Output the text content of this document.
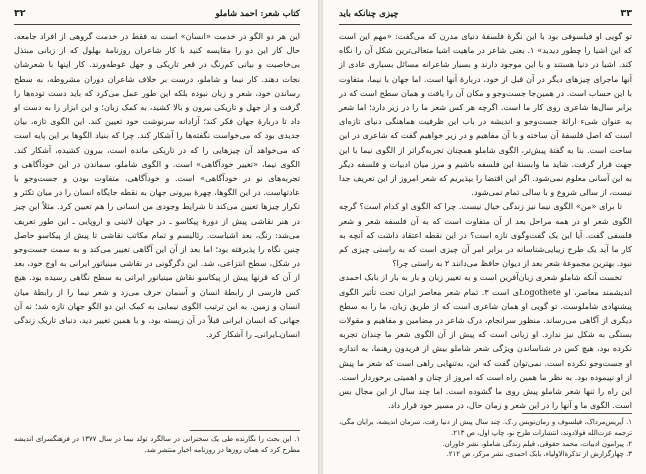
کتاب شعر: احمد شاملو
۳۲

این هر دو الگو در خدمت «انسان» است نه فقط در خدمت گروهی از افراد جامعه. حال کار این دو را مقایسه کنید با کار شاعران روزنامهٔ بهلول که از زبانی مبتذل بی‌خاصیت و بیانی کم‌رنگ در قعر تاریکی و جهل غوطه‌ورند. کار اینها با شعرشان نجات دهند. کار نیما و شاملو، درست بر خلاف شاعران دوران مشروطه، به سطح رساندن خود، شعر و زبان نبوده بلکه این طور عمل می‌کرد که باید دست توده‌ها را گرفت و از جهل و تاریکی بیرون و بالا کشید، به کمک زبان؛ و این ابزار را به دست او داد تا دربارهٔ جهان فکر کند؛ آزادانه سرنوشت خود تعیین کند. این الگوی تازه، بیان جدیدی بود که می‌خواست نگفته‌ها را آشکار کند. چرا که بنیاد الگوها بر این پایه است که می‌خواهد آن چیزهایی را که در تاریکی مانده است، بیرون کشیده، آشکار کند. الگوی نیما، «تغییر خودآگاهی» است. و الگوی شاملو، سماندن در این خودآگاهی و تجربه‌های نو در خودآگاهی» است. و خودآگاهی، متفاوت بودن و جست‌وجو با عادتهاست. در این الگوها، چهرهٔ بیرونی جهان به نقطه جایگاه انسان را در میان تکثر و تکرار چیزها تعیین می‌کند تا شرایط وجودی من انسانی را هم تعیین کرد. مثلاً این چیز در هنر نقاشی پیش از دورهٔ پیکاسو ـ در جهان لاتینی و اروپایی ـ این طور تعریف می‌شد: رنگ، بعد اشیاست. رئالیسم و تمام مکاتب نقاشی تا پیش از پیکاسو حاصل چنین نگاه را پذیرفته بود؛ اما بعد از آن این آگاهی تغییر می‌کند و به سمت جست‌وجو در شکل، سطح انتزاعی، شد. این دگرگونی در نقاشی مینیاتور ایرانی به اوج خود، بعد از آن که قرنها پیش از پیکاسو نقاش مینیاتور ایرانی به سطح نگاهی رسیده بود. هیچ کس فارسی از رابطهٔ انسان و آسمان حرف می‌زد و شعر نیما را از رابطهٔ میان انسان و زمین. به این ترتیب الگوی نیمایی به کمک این دو الگو جهان تازه شد؛ نه آن جهانی که انسان ایرانی قبلاً در آن زیسته بود. و با همین تغییر دید، دنیای تاریک زندگی انسان‌ـایرانی‌ـ را آشکار کرد.

۱. این بحث را نگارنده طی یک سخنرانی در سالگرد تولد نیما در سال ۱۳۷۷ در فرهنگسرای اندیشه مطرح کرد که همان روزها در روزنامه اخبار منتشر شد.

۳۳
چیزی چنانکه باید

تو گویی او فیلسوفی بود با این نگرهٔ فلسفهٔ دنیای مدرن که می‌گفت: «مهم این است که این اشیا را چطور دیدید» ۱. یعنی شاعر در ماهیت اشیا متعالی‌ترین شکل آن را نگاه کند. اشیا در دنیا هستند و با این موجود دارند و بسیار شاعرانه مسائل بسیاری عادی از آنها ماجرای چیزهای دیگر در آن قبل از خود، دربارهٔ آنها است. اما جهان با نیما، متفاوت با این حساب است. در همین‌جا جست‌وجو و مکان آن را یافت و همان سطح است که در برابر سال‌ها شاعری روی کار ما است. اگرچه هر کس شعر ما را در زیر دارد؛ اما شعر به عنوان شیء ارائهٔ جست‌وجو و اندیشه در باب این ظرفیت هماهنگی دنیای تازه‌ای است که اصل فلسفهٔ آن ساخته و با آن مفاهیم و در زیر خواهیم گفت که شاعری در این ساحت است. بنا به گفتهٔ پیش‌تر، الگوی شاملو همچنان تجربه‌گراتر از الگوی نیما با این جهت قرار گرفت. شاید ما وابستهٔ این فلسفه باشیم و مرز میان ادبیات و فلسفه دیگر به این آسانی معلوم نمی‌شود. اگر این اقتضا را بپذیریم که شعر امروز از این تعریف جدا نیست، از سالی شروع و با سالی تمام نمی‌شود.

تا برای «من» الگوی نیما نیز زندگی خیال نیست. چرا که الگوی او کدام است؟ گرچه الگوی شعر او در همه مراحل بعد از آن متفاوت است که به آن فلسفه شعر و شعر فلسفی گفت. آیا این یک گفت‌وگوی تازه است؟ در این نقطه اعتقاد داشت که آنچه به کار ما آید یک طرح زیبایی‌شناسانه در برابر امر آن چیزی است که به راستی چیزی کم نبود. بهترین مجموعهٔ شعر بعد از دیوان حافظ می‌دانند ۲ به راستی چرا؟

تخست آنکه شاملو شعری زبان‌آفرین است و به تغییر زبان و بار به بار از بابک احمدی اندیشمند معاصر، او Logotheteی است ۳. تمام شعر معاصر ایران تحت تأثیر الگوی پیشنهادی شاملوست. تو گویی او همان شاعری است که از طریق زبان، ما را به سطح دیگری از آگاهی می‌رساند. منظور سرانجام، درک شاعر در مضامین و مفاهیم و مقولات بستگی به شکل نیز ندارد. او زبانی است که پیش از آن الگوی شعر ما چندان تجربه نکرده بود، هیچ کس در شناساندن ویژگی شعر شاملو بیش از فریدون رهنما، به اندازه او جست‌وجو نکرده است. نمی‌توان گفت که این، به‌تنهایی راهی است که شعر ما پیش از او نپیموده بود. به نظر ما همین راه است که امروز از چنان و اهمیتی برخوردار است. این راه را تنها شعر شاملو پیش روی ما گشوده است. اما چند سال از این مجال بس است. الگوی ما و آنها را در این شعر و زمان حال، در مسیر خود قرار داد.

۱. آیریس‌مرداک، فیلسوف و رمان‌نویس ر.ک. چند سال پیش از دنیا رفت، سرمان اندیشه، برایان مگی، ترجمه عزت‌الله فولادوند، انتشارات طرح نو، چاپ اول، ص ۲۱۳.

۲. پیرامون ادبیات، محمد حقوقی، فیلم زندگی شاملو، نشر خاوران.

۳. چهارگزارش از تذکرة‌الاولیاء، بابک احمدی، نشر مرکز، ص ۲۱۲.
